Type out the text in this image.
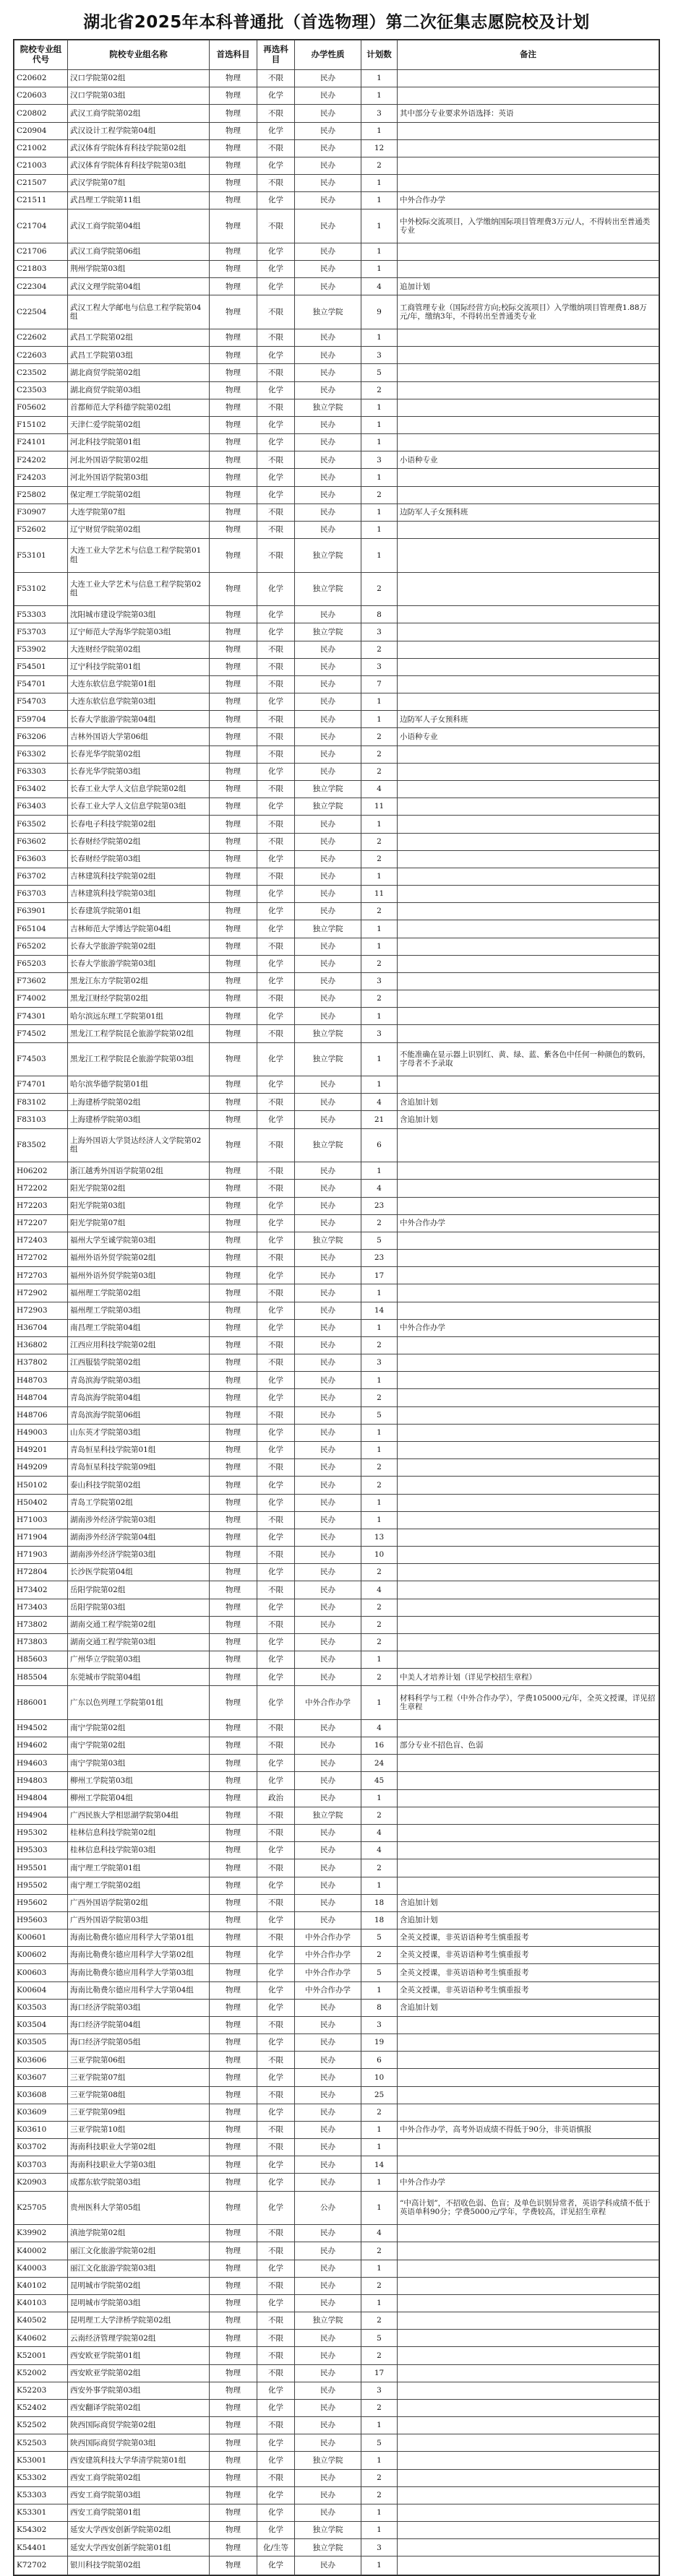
湖北省2025年本科普通批（首选物理）第二次征集志愿院校及计划
院校专业组代号	院校专业组名称	首选科目	再选科目	办学性质	计划数	备注
C20602	汉口学院第02组	物理	不限	民办	1	
C20603	汉口学院第03组	物理	化学	民办	1	
C20802	武汉工商学院第02组	物理	不限	民办	3	其中部分专业要求外语选择：英语
C20904	武汉设计工程学院第04组	物理	化学	民办	1	
C21002	武汉体育学院体育科技学院第02组	物理	不限	民办	12	
C21003	武汉体育学院体育科技学院第03组	物理	化学	民办	2	
C21507	武汉学院第07组	物理	不限	民办	1	
C21511	武昌理工学院第11组	物理	化学	民办	1	中外合作办学
C21704	武汉工商学院第04组	物理	不限	民办	1	中外校际交流项目，入学缴纳国际项目管理费3万元/人，不得转出至普通类专业
C21706	武汉工商学院第06组	物理	化学	民办	1	
C21803	荆州学院第03组	物理	化学	民办	1	
C22304	武汉文理学院第04组	物理	化学	民办	4	追加计划
C22504	武汉工程大学邮电与信息工程学院第04组	物理	不限	独立学院	9	工商管理专业（国际经营方向;校际交流项目）入学缴纳项目管理费1.88万元/年，缴纳3年，不得转出至普通类专业
C22602	武昌工学院第02组	物理	不限	民办	1	
C22603	武昌工学院第03组	物理	化学	民办	3	
C23502	湖北商贸学院第02组	物理	不限	民办	5	
C23503	湖北商贸学院第03组	物理	化学	民办	2	
F05602	首都师范大学科德学院第02组	物理	不限	独立学院	1	
F15102	天津仁爱学院第02组	物理	化学	民办	1	
F24101	河北科技学院第01组	物理	化学	民办	1	
F24202	河北外国语学院第02组	物理	不限	民办	3	小语种专业
F24203	河北外国语学院第03组	物理	化学	民办	1	
F25802	保定理工学院第02组	物理	化学	民办	2	
F30907	大连学院第07组	物理	不限	民办	1	边防军人子女预科班
F52602	辽宁财贸学院第02组	物理	不限	民办	1	
F53101	大连工业大学艺术与信息工程学院第01组	物理	不限	独立学院	1	
F53102	大连工业大学艺术与信息工程学院第02组	物理	化学	独立学院	2	
F53303	沈阳城市建设学院第03组	物理	化学	民办	8	
F53703	辽宁师范大学海华学院第03组	物理	化学	独立学院	3	
F53902	大连财经学院第02组	物理	不限	民办	2	
F54501	辽宁科技学院第01组	物理	不限	民办	3	
F54701	大连东软信息学院第01组	物理	不限	民办	7	
F54703	大连东软信息学院第03组	物理	化学	民办	1	
F59704	长春大学旅游学院第04组	物理	不限	民办	1	边防军人子女预科班
F63206	吉林外国语大学第06组	物理	不限	民办	2	小语种专业
F63302	长春光华学院第02组	物理	不限	民办	2	
F63303	长春光华学院第03组	物理	化学	民办	2	
F63402	长春工业大学人文信息学院第02组	物理	不限	独立学院	4	
F63403	长春工业大学人文信息学院第03组	物理	化学	独立学院	11	
F63502	长春电子科技学院第02组	物理	不限	民办	1	
F63602	长春财经学院第02组	物理	不限	民办	2	
F63603	长春财经学院第03组	物理	化学	民办	2	
F63702	吉林建筑科技学院第02组	物理	不限	民办	1	
F63703	吉林建筑科技学院第03组	物理	化学	民办	11	
F63901	长春建筑学院第01组	物理	化学	民办	2	
F65104	吉林师范大学博达学院第04组	物理	化学	独立学院	1	
F65202	长春大学旅游学院第02组	物理	不限	民办	1	
F65203	长春大学旅游学院第03组	物理	化学	民办	2	
F73602	黑龙江东方学院第02组	物理	化学	民办	3	
F74002	黑龙江财经学院第02组	物理	不限	民办	2	
F74301	哈尔滨远东理工学院第01组	物理	化学	民办	1	
F74502	黑龙江工程学院昆仑旅游学院第02组	物理	不限	独立学院	3	
F74503	黑龙江工程学院昆仑旅游学院第03组	物理	化学	独立学院	1	不能准确在显示器上识别红、黄、绿、蓝、紫各色中任何一种颜色的数码，字母者不予录取
F74701	哈尔滨华德学院第01组	物理	化学	民办	1	
F83102	上海建桥学院第02组	物理	不限	民办	4	含追加计划
F83103	上海建桥学院第03组	物理	化学	民办	21	含追加计划
F83502	上海外国语大学贤达经济人文学院第02组	物理	不限	独立学院	6	
H06202	浙江越秀外国语学院第02组	物理	不限	民办	1	
H72202	阳光学院第02组	物理	不限	民办	4	
H72203	阳光学院第03组	物理	化学	民办	23	
H72207	阳光学院第07组	物理	化学	民办	2	中外合作办学
H72403	福州大学至诚学院第03组	物理	化学	独立学院	5	
H72702	福州外语外贸学院第02组	物理	不限	民办	23	
H72703	福州外语外贸学院第03组	物理	化学	民办	17	
H72902	福州理工学院第02组	物理	不限	民办	1	
H72903	福州理工学院第03组	物理	化学	民办	14	
H36704	南昌理工学院第04组	物理	化学	民办	1	中外合作办学
H36802	江西应用科技学院第02组	物理	不限	民办	2	
H37802	江西服装学院第02组	物理	不限	民办	3	
H48703	青岛滨海学院第03组	物理	化学	民办	1	
H48704	青岛滨海学院第04组	物理	化学	民办	2	
H48706	青岛滨海学院第06组	物理	不限	民办	5	
H49003	山东英才学院第03组	物理	化学	民办	1	
H49201	青岛恒星科技学院第01组	物理	化学	民办	1	
H49209	青岛恒星科技学院第09组	物理	不限	民办	2	
H50102	泰山科技学院第02组	物理	化学	民办	2	
H50402	青岛工学院第02组	物理	化学	民办	1	
H71003	湖南涉外经济学院第03组	物理	不限	民办	1	
H71904	湖南涉外经济学院第04组	物理	化学	民办	13	
H71903	湖南涉外经济学院第03组	物理	不限	民办	10	
H72804	长沙医学院第04组	物理	化学	民办	2	
H73402	岳阳学院第02组	物理	不限	民办	4	
H73403	岳阳学院第03组	物理	化学	民办	2	
H73802	湖南交通工程学院第02组	物理	不限	民办	2	
H73803	湖南交通工程学院第03组	物理	化学	民办	2	
H85603	广州华立学院第03组	物理	化学	民办	1	
H85504	东莞城市学院第04组	物理	化学	民办	2	中美人才培养计划（详见学校招生章程）
H86001	广东以色列理工学院第01组	物理	化学	中外合作办学	1	材料科学与工程（中外合作办学），学费105000元/年，全英文授课，详见招生章程
H94502	南宁学院第02组	物理	不限	民办	4	
H94602	南宁学院第02组	物理	不限	民办	16	部分专业不招色盲、色弱
H94603	南宁学院第03组	物理	化学	民办	24	
H94803	柳州工学院第03组	物理	化学	民办	45	
H94804	柳州工学院第04组	物理	政治	民办	1	
H94904	广西民族大学相思湖学院第04组	物理	不限	独立学院	2	
H95302	桂林信息科技学院第02组	物理	不限	民办	4	
H95303	桂林信息科技学院第03组	物理	化学	民办	4	
H95501	南宁理工学院第01组	物理	不限	民办	2	
H95502	南宁理工学院第02组	物理	化学	民办	1	
H95602	广西外国语学院第02组	物理	不限	民办	18	含追加计划
H95603	广西外国语学院第03组	物理	化学	民办	18	含追加计划
K00601	海南比勒费尔德应用科学大学第01组	物理	不限	中外合作办学	5	全英文授课，非英语语种考生慎重报考
K00602	海南比勒费尔德应用科学大学第02组	物理	化学	中外合作办学	2	全英文授课，非英语语种考生慎重报考
K00603	海南比勒费尔德应用科学大学第03组	物理	化学	中外合作办学	5	全英文授课，非英语语种考生慎重报考
K00604	海南比勒费尔德应用科学大学第04组	物理	化学	中外合作办学	1	全英文授课，非英语语种考生慎重报考
K03503	海口经济学院第03组	物理	化学	民办	8	含追加计划
K03504	海口经济学院第04组	物理	不限	民办	3	
K03505	海口经济学院第05组	物理	化学	民办	19	
K03606	三亚学院第06组	物理	不限	民办	6	
K03607	三亚学院第07组	物理	化学	民办	10	
K03608	三亚学院第08组	物理	不限	民办	25	
K03609	三亚学院第09组	物理	化学	民办	2	
K03610	三亚学院第10组	物理	不限	民办	1	中外合作办学，高考外语成绩不得低于90分，非英语慎报
K03702	海南科技职业大学第02组	物理	不限	民办	1	
K03703	海南科技职业大学第03组	物理	化学	民办	14	
K20903	成都东软学院第03组	物理	化学	民办	1	中外合作办学
K25705	贵州医科大学第05组	物理	化学	公办	1	“中高计划”，不招收色弱、色盲；及单色识别异常者，英语学科成绩不低于英语单科90分；学费5000元/学年，学费较高，详见招生章程
K39902	滇池学院第02组	物理	不限	民办	4	
K40002	丽江文化旅游学院第02组	物理	不限	民办	2	
K40003	丽江文化旅游学院第03组	物理	化学	民办	1	
K40102	昆明城市学院第02组	物理	不限	民办	2	
K40103	昆明城市学院第03组	物理	化学	民办	1	
K40502	昆明理工大学津桥学院第02组	物理	不限	独立学院	2	
K40602	云南经济管理学院第02组	物理	不限	民办	5	
K52001	西安欧亚学院第01组	物理	不限	民办	2	
K52002	西安欧亚学院第02组	物理	不限	民办	17	
K52203	西安外事学院第03组	物理	化学	民办	3	
K52402	西安翻译学院第02组	物理	化学	民办	2	
K52502	陕西国际商贸学院第02组	物理	不限	民办	1	
K52503	陕西国际商贸学院第03组	物理	化学	民办	5	
K53001	西安建筑科技大学华清学院第01组	物理	化学	独立学院	1	
K53302	西安工商学院第02组	物理	不限	民办	2	
K53303	西安工商学院第03组	物理	化学	民办	2	
K53301	西安工商学院第01组	物理	化学	民办	1	
K54302	延安大学西安创新学院第02组	物理	化学	独立学院	1	
K54401	延安大学西安创新学院第01组	物理	化/生等	独立学院	3	
K72702	银川科技学院第02组	物理	化学	民办	1	
